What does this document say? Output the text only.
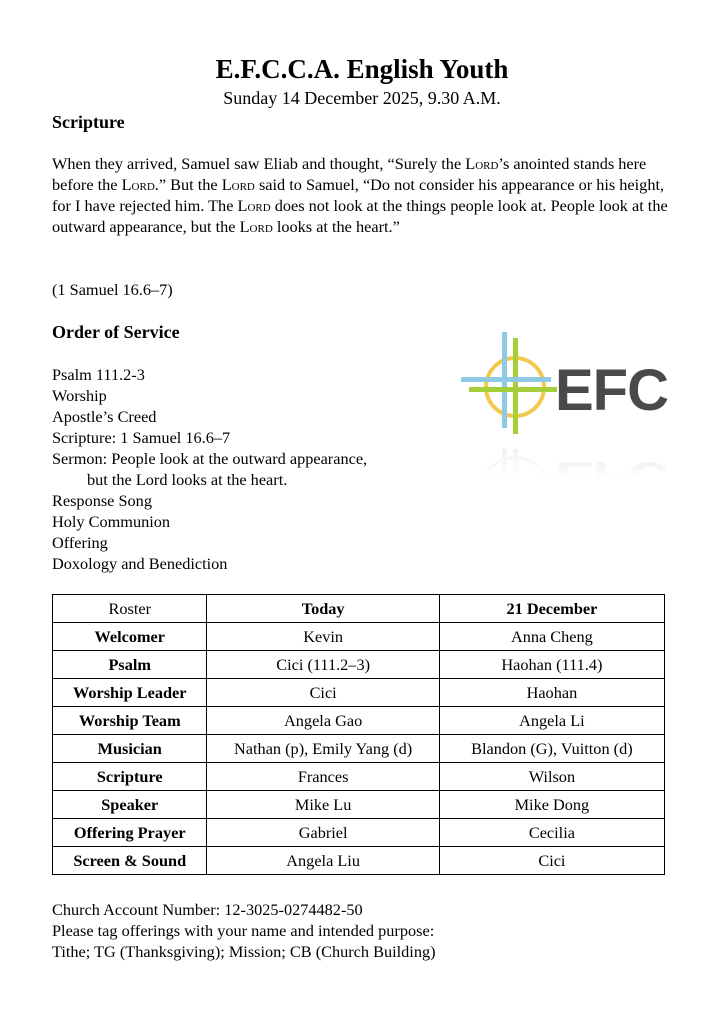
E.F.C.C.A. English Youth
Sunday 14 December 2025, 9.30 A.M.
Scripture
When they arrived, Samuel saw Eliab and thought, “Surely the Lord’s anointed stands here before the Lord.” But the Lord said to Samuel, “Do not consider his appearance or his height, for I have rejected him. The Lord does not look at the things people look at. People look at the outward appearance, but the Lord looks at the heart.”
(1 Samuel 16.6–7)
Order of Service
Psalm 111.2-3
Worship
Apostle’s Creed
Scripture: 1 Samuel 16.6–7
Sermon: People look at the outward appearance,
but the Lord looks at the heart.
Response Song
Holy Communion
Offering
Doxology and Benediction
EFC
Roster	Today	21 December
Welcomer	Kevin	Anna Cheng
Psalm	Cici (111.2–3)	Haohan (111.4)
Worship Leader	Cici	Haohan
Worship Team	Angela Gao	Angela Li
Musician	Nathan (p), Emily Yang (d)	Blandon (G), Vuitton (d)
Scripture	Frances	Wilson
Speaker	Mike Lu	Mike Dong
Offering Prayer	Gabriel	Cecilia
Screen & Sound	Angela Liu	Cici
Church Account Number: 12-3025-0274482-50
Please tag offerings with your name and intended purpose:
Tithe; TG (Thanksgiving); Mission; CB (Church Building)
